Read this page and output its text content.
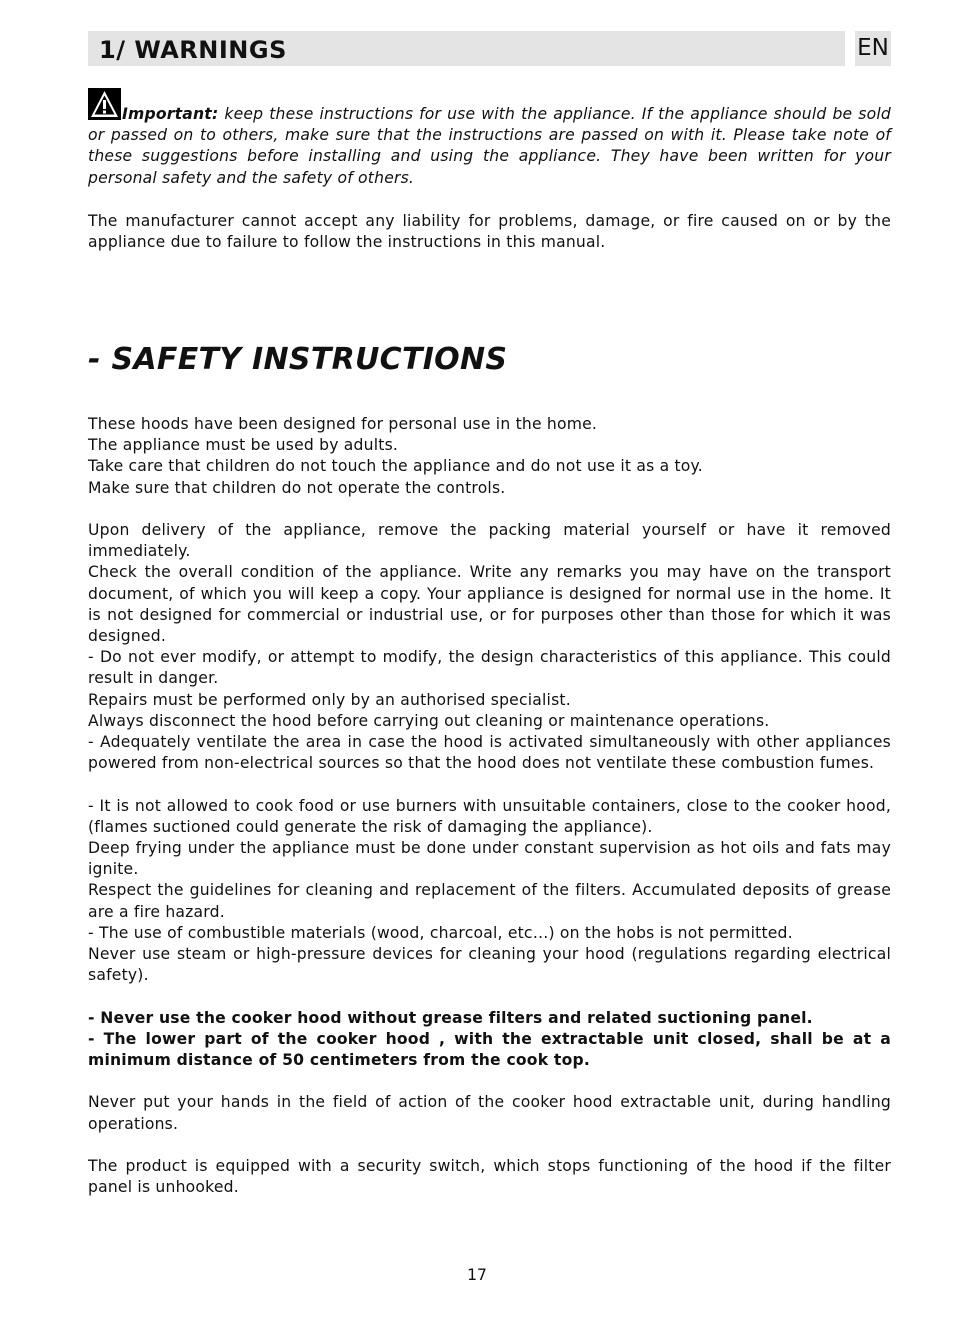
1/ WARNINGS	EN

Important: keep these instructions for use with the appliance. If the appliance should be sold or passed on to others, make sure that the instructions are passed on with it. Please take note of these suggestions before installing and using the appliance. They have been written for your personal safety and the safety of others.

The manufacturer cannot accept any liability for problems, damage, or fire caused on or by the appliance due to failure to follow the instructions in this manual.

- SAFETY INSTRUCTIONS

These hoods have been designed for personal use in the home.

The appliance must be used by adults.

Take care that children do not touch the appliance and do not use it as a toy.

Make sure that children do not operate the controls.

Upon delivery of the appliance, remove the packing material yourself or have it removed immediately.

Check the overall condition of the appliance. Write any remarks you may have on the transport document, of which you will keep a copy. Your appliance is designed for normal use in the home. It is not designed for commercial or industrial use, or for purposes other than those for which it was designed.

- Do not ever modify, or attempt to modify, the design characteristics of this appliance. This could result in danger.

Repairs must be performed only by an authorised specialist.

Always disconnect the hood before carrying out cleaning or maintenance operations.

- Adequately ventilate the area in case the hood is activated simultaneously with other appliances powered from non-electrical sources so that the hood does not ventilate these combustion fumes.

- It is not allowed to cook food or use burners with unsuitable containers, close to the cooker hood, (flames suctioned could generate the risk of damaging the appliance).

Deep frying under the appliance must be done under constant supervision as hot oils and fats may ignite.

Respect the guidelines for cleaning and replacement of the filters. Accumulated deposits of grease are a fire hazard.

- The use of combustible materials (wood, charcoal, etc…) on the hobs is not permitted.

Never use steam or high-pressure devices for cleaning your hood (regulations regarding electrical safety).

- Never use the cooker hood without grease filters and related suctioning panel.

- The lower part of the cooker hood , with the extractable unit closed, shall be at a minimum distance of 50 centimeters from the cook top.

Never put your hands in the field of action of the cooker hood extractable unit, during handling operations.

The product is equipped with a security switch, which stops functioning of the hood if the filter panel is unhooked.

17
